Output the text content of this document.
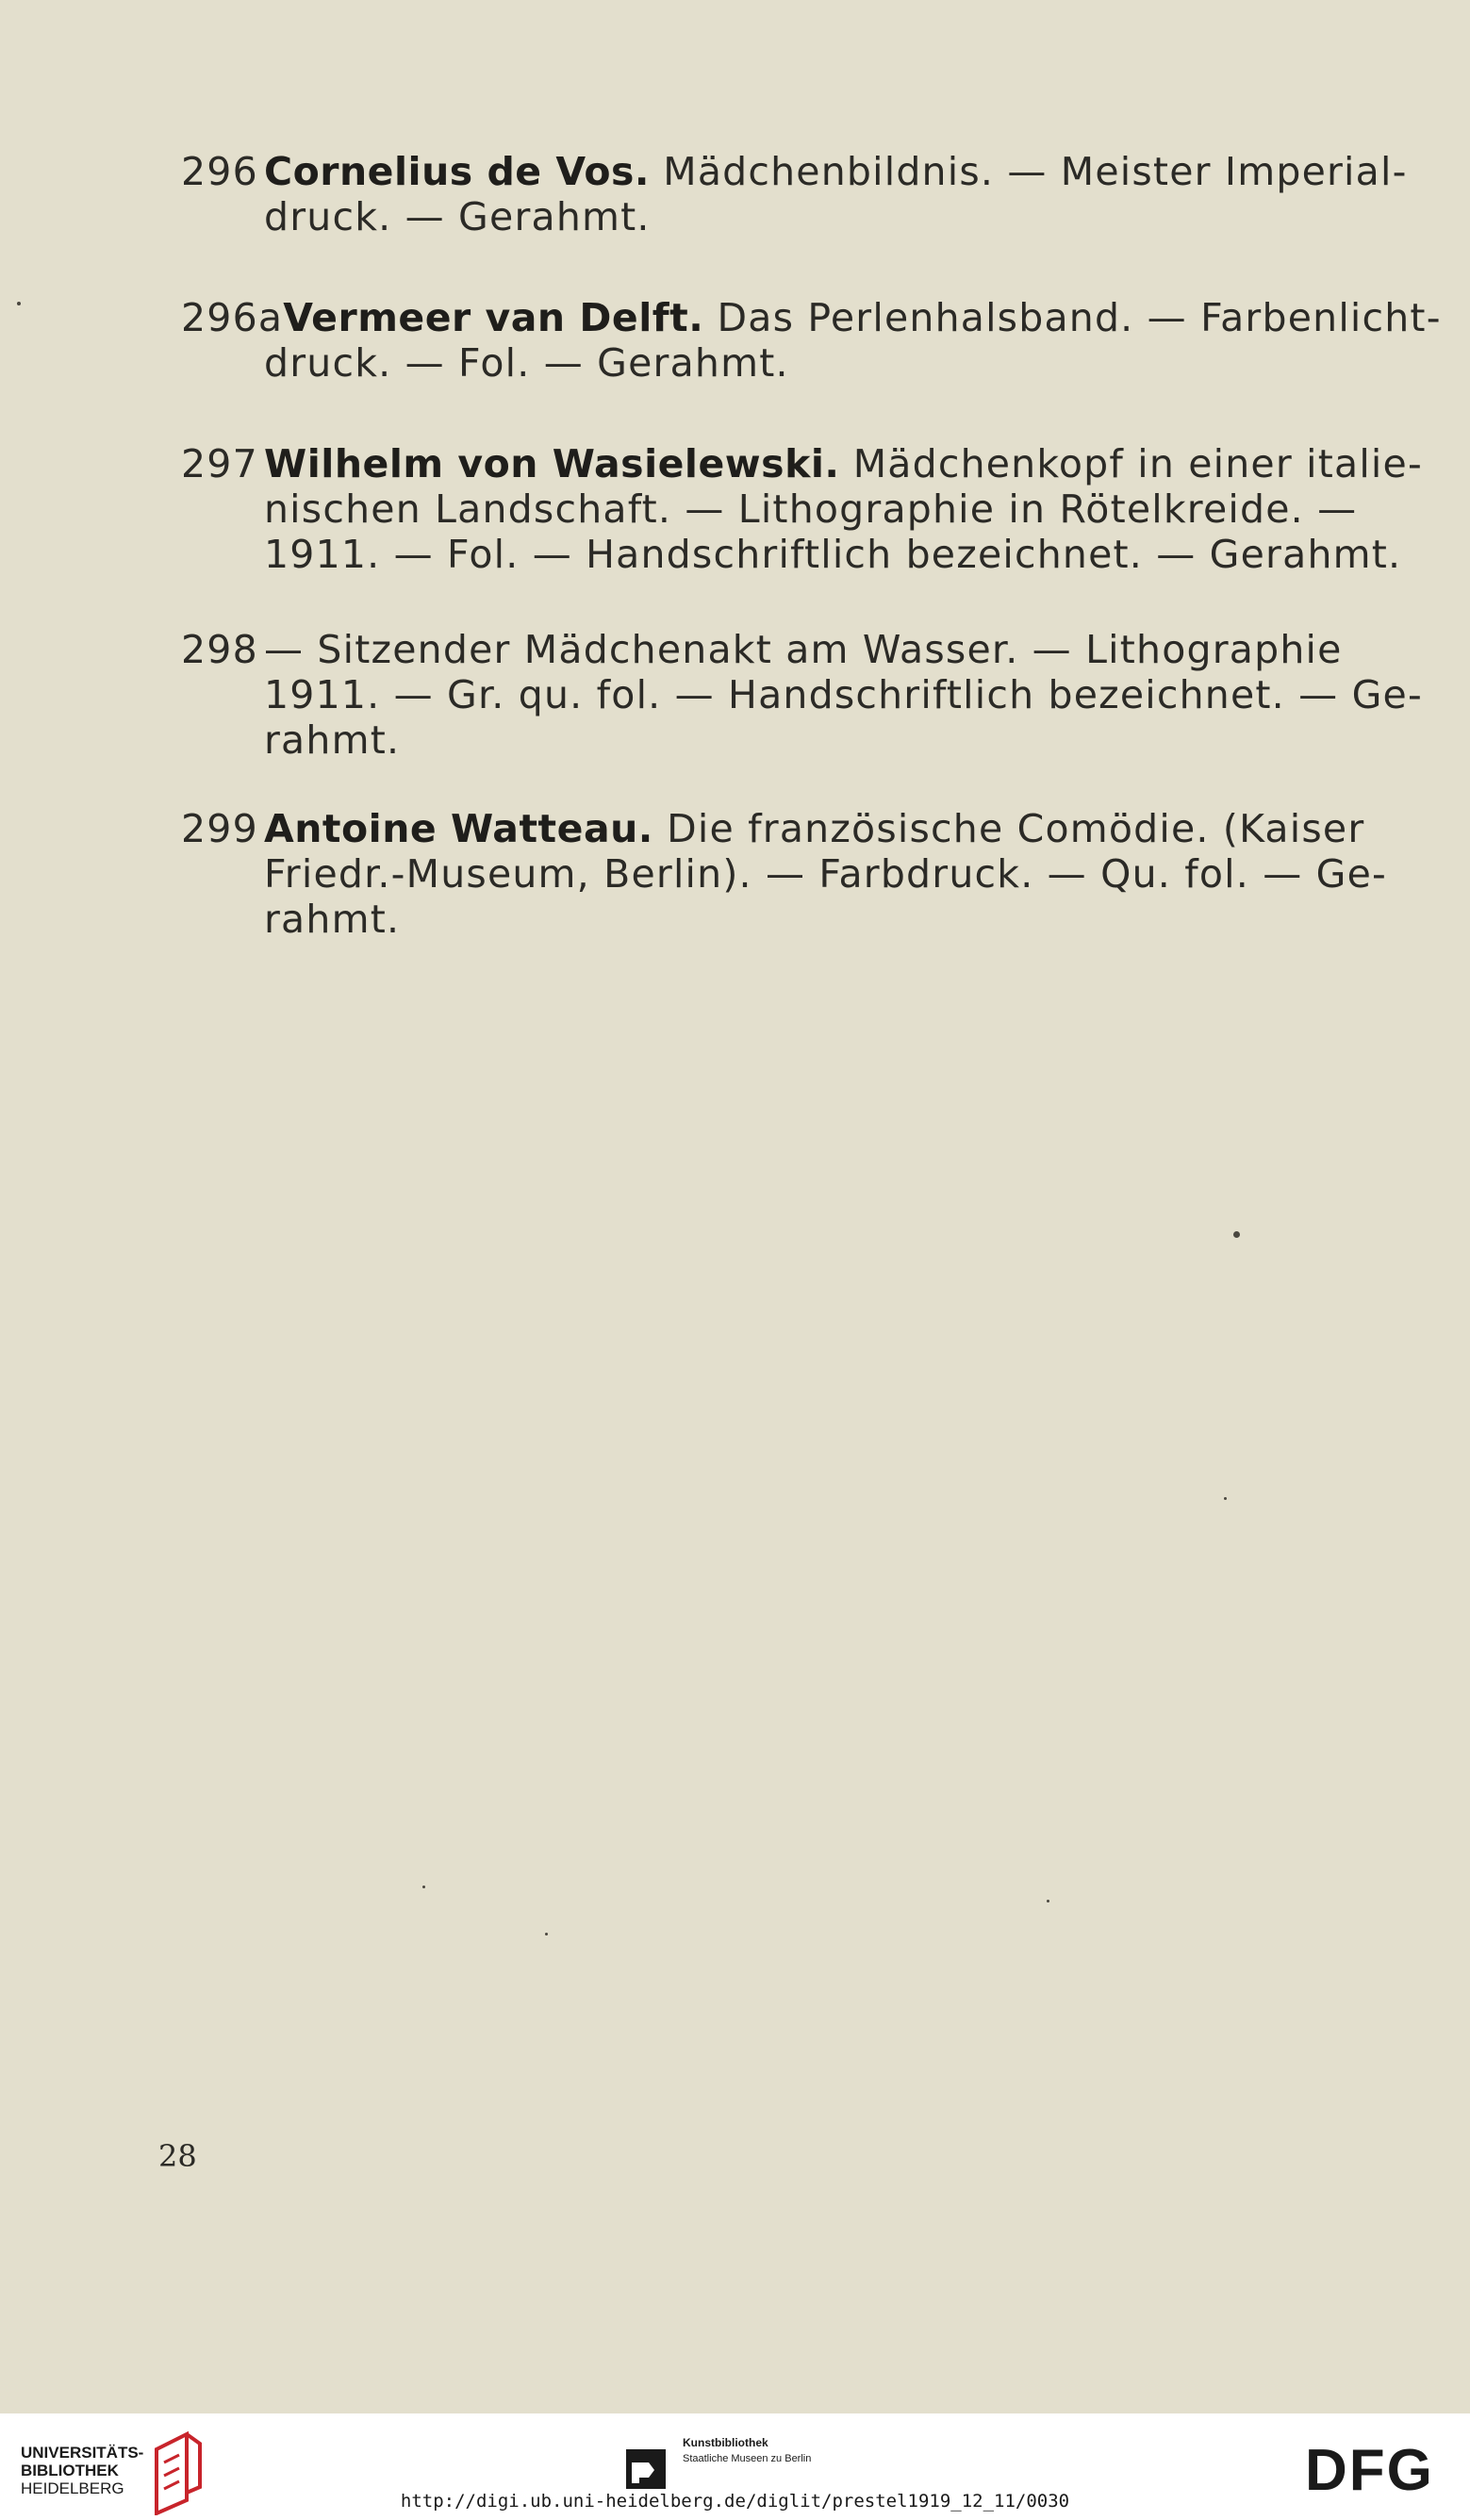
296 Cornelius de Vos. Mädchenbildnis. — Meister Imperial-
druck. — Gerahmt.
296aVermeer van Delft. Das Perlenhalsband. — Farbenlicht-
druck. — Fol. — Gerahmt.
297 Wilhelm von Wasielewski. Mädchenkopf in einer italie-
nischen Landschaft. — Lithographie in Rötelkreide. —
1911. — Fol. — Handschriftlich bezeichnet. — Gerahmt.
298 — Sitzender Mädchenakt am Wasser. — Lithographie
1911. — Gr. qu. fol. — Handschriftlich bezeichnet. — Ge-
rahmt.
299 Antoine Watteau. Die französische Comödie. (Kaiser
Friedr.-Museum, Berlin). — Farbdruck. — Qu. fol. — Ge-
rahmt.
28
UNIVERSITÄTS-
BIBLIOTHEK
HEIDELBERG
Kunstbibliothek
Staatliche Museen zu Berlin	DFG
http://digi.ub.uni-heidelberg.de/diglit/prestel1919_12_11/0030
